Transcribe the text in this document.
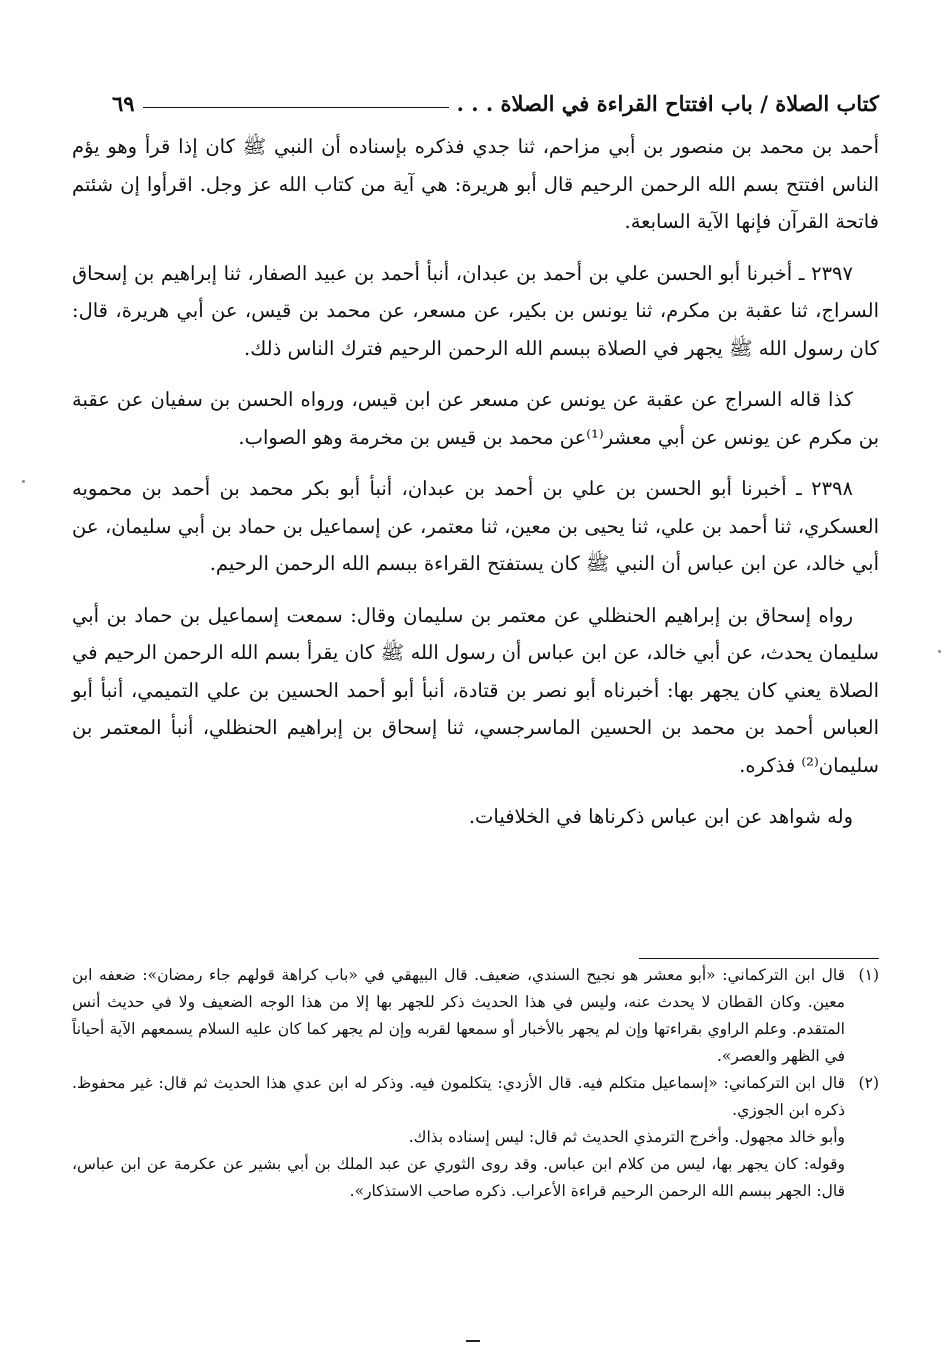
كتاب الصلاة / باب افتتاح القراءة في الصلاة . . .
٦٩

أحمد بن محمد بن منصور بن أبي مزاحم، ثنا جدي فذكره بإسناده أن النبي ﷺ كان إذا قرأ وهو يؤم الناس افتتح بسم الله الرحمن الرحيم قال أبو هريرة: هي آية من كتاب الله عز وجل. اقرأوا إن شئتم فاتحة القرآن فإنها الآية السابعة.

٢٣٩٧ ـ أخبرنا أبو الحسن علي بن أحمد بن عبدان، أنبأ أحمد بن عبيد الصفار، ثنا إبراهيم بن إسحاق السراج، ثنا عقبة بن مكرم، ثنا يونس بن بكير، عن مسعر، عن محمد بن قيس، عن أبي هريرة، قال: كان رسول الله ﷺ يجهر في الصلاة ببسم الله الرحمن الرحيم فترك الناس ذلك.

كذا قاله السراج عن عقبة عن يونس عن مسعر عن ابن قيس، ورواه الحسن بن سفيان عن عقبة بن مكرم عن يونس عن أبي معشر⁽¹⁾عن محمد بن قيس بن مخرمة وهو الصواب.

٢٣٩٨ ـ أخبرنا أبو الحسن بن علي بن أحمد بن عبدان، أنبأ أبو بكر محمد بن أحمد بن محمويه العسكري، ثنا أحمد بن علي، ثنا يحيى بن معين، ثنا معتمر، عن إسماعيل بن حماد بن أبي سليمان، عن أبي خالد، عن ابن عباس أن النبي ﷺ كان يستفتح القراءة ببسم الله الرحمن الرحيم.

رواه إسحاق بن إبراهيم الحنظلي عن معتمر بن سليمان وقال: سمعت إسماعيل بن حماد بن أبي سليمان يحدث، عن أبي خالد، عن ابن عباس أن رسول الله ﷺ كان يقرأ بسم الله الرحمن الرحيم في الصلاة يعني كان يجهر بها: أخبرناه أبو نصر بن قتادة، أنبأ أبو أحمد الحسين بن علي التميمي، أنبأ أبو العباس أحمد بن محمد بن الحسين الماسرجسي، ثنا إسحاق بن إبراهيم الحنظلي، أنبأ المعتمر بن سليمان⁽²⁾ فذكره.

وله شواهد عن ابن عباس ذكرناها في الخلافيات.

(١)قال ابن التركماني: «أبو معشر هو نجيح السندي، ضعيف. قال البيهقي في «باب كراهة قولهم جاء رمضان»: ضعفه ابن معين. وكان القطان لا يحدث عنه، وليس في هذا الحديث ذكر للجهر بها إلا من هذا الوجه الضعيف ولا في حديث أنس المتقدم. وعلم الراوي بقراءتها وإن لم يجهر بالأخبار أو سمعها لقربه وإن لم يجهر كما كان عليه السلام يسمعهم الآية أحياناً في الظهر والعصر».

(٢)قال ابن التركماني: «إسماعيل متكلم فيه. قال الأزدي: يتكلمون فيه. وذكر له ابن عدي هذا الحديث ثم قال: غير محفوظ. ذكره ابن الجوزي.

وأبو خالد مجهول. وأخرج الترمذي الحديث ثم قال: ليس إسناده بذاك.

وقوله: كان يجهر بها، ليس من كلام ابن عباس. وقد روى الثوري عن عبد الملك بن أبي بشير عن عكرمة عن ابن عباس، قال: الجهر ببسم الله الرحمن الرحيم قراءة الأعراب. ذكره صاحب الاستذكار».
